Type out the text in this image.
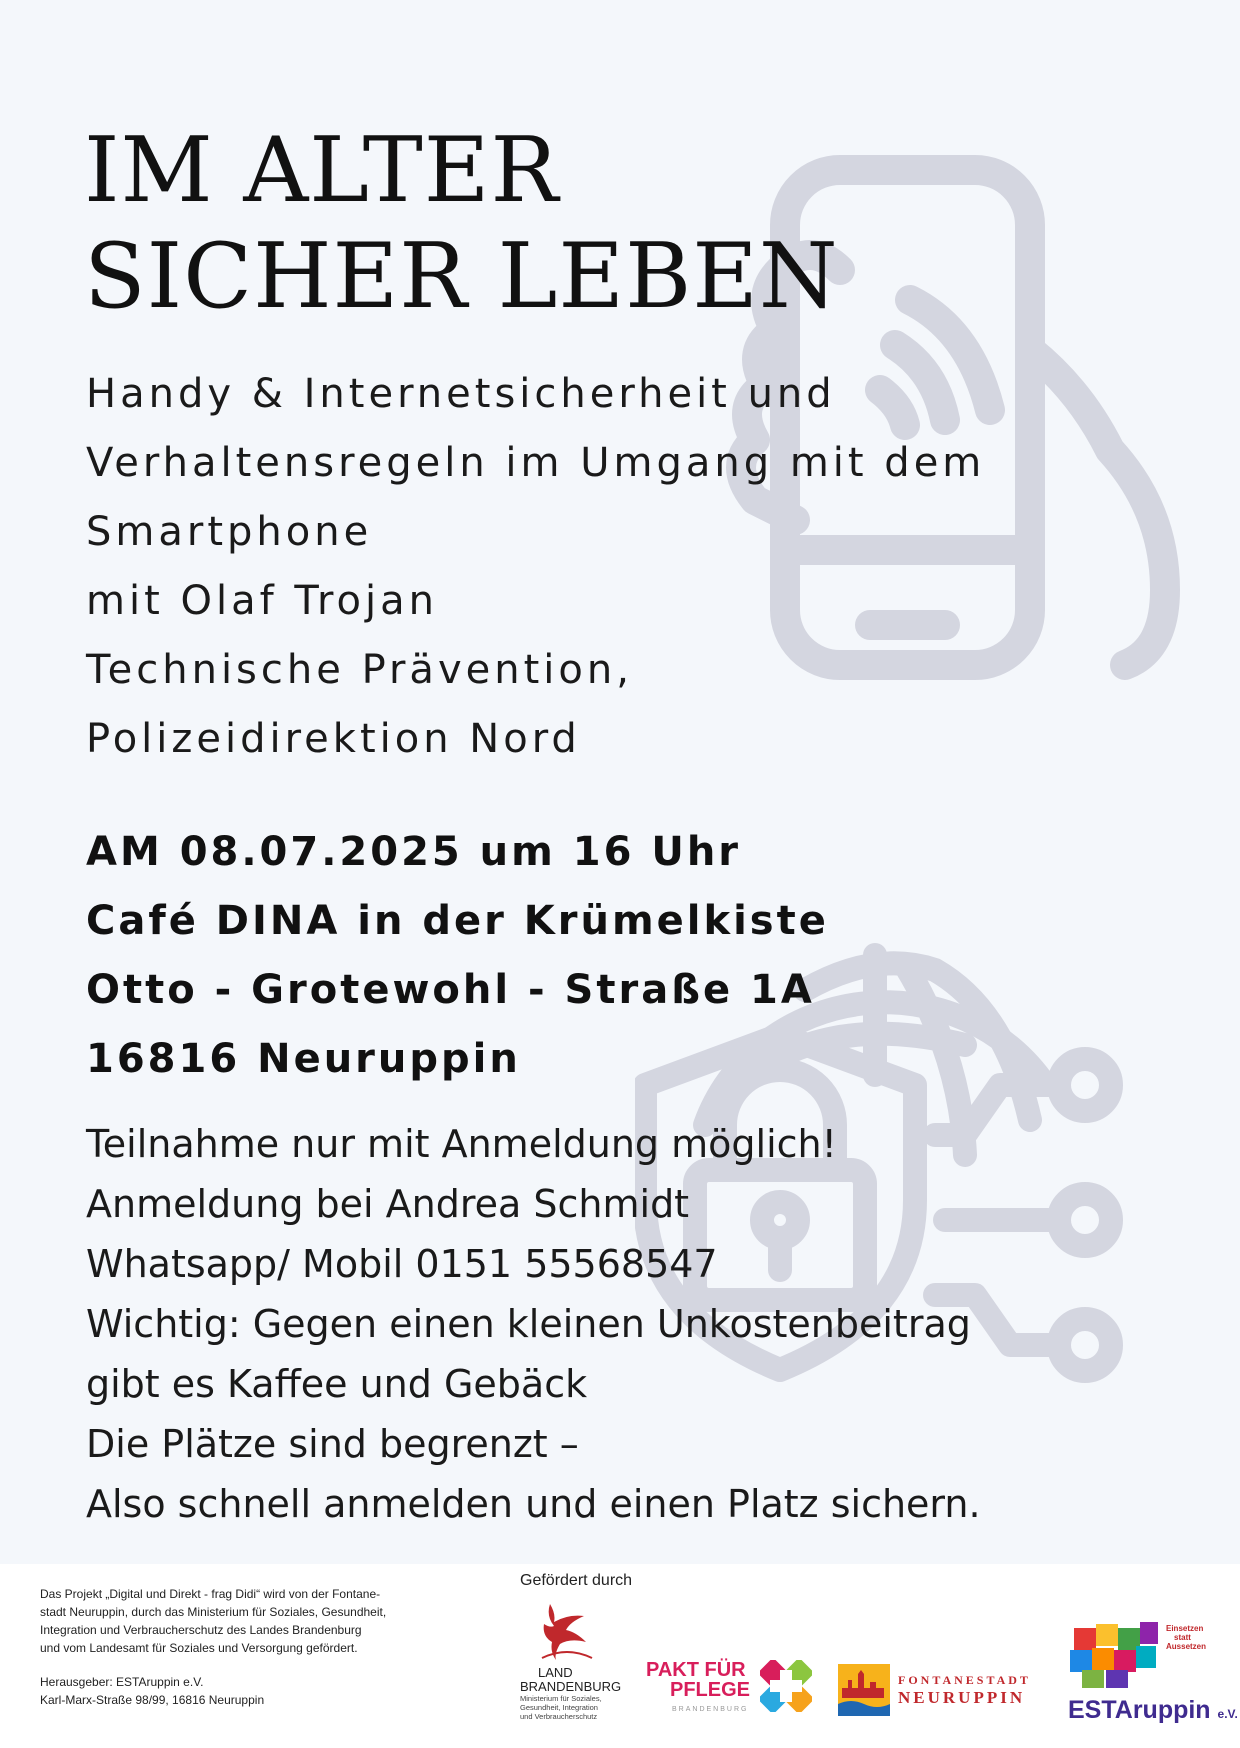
IM ALTER
SICHER LEBEN
Handy & Internetsicherheit und
Verhaltensregeln im Umgang mit dem
Smartphone
mit Olaf Trojan
Technische Prävention,
Polizeidirektion Nord
AM 08.07.2025 um 16 Uhr
Café DINA in der Krümelkiste
Otto - Grotewohl - Straße 1A
16816 Neuruppin
Teilnahme nur mit Anmeldung möglich!
Anmeldung bei Andrea Schmidt
Whatsapp/ Mobil 0151 55568547
Wichtig: Gegen einen kleinen Unkostenbeitrag
gibt es Kaffee und Gebäck
Die Plätze sind begrenzt –
Also schnell anmelden und einen Platz sichern.
Das Projekt „Digital und Direkt - frag Didi“ wird von der Fontane-
stadt Neuruppin, durch das Ministerium für Soziales, Gesundheit,
Integration und Verbraucherschutz des Landes Brandenburg
und vom Landesamt für Soziales und Versorgung gefördert.
Herausgeber: ESTAruppin e.V.
Karl-Marx-Straße 98/99, 16816 Neuruppin
Gefördert durch
LAND
BRANDENBURG
Ministerium für Soziales,
Gesundheit, Integration
und Verbraucherschutz
PAKT FÜR
PFLEGE
BRANDENBURG
FONTANESTADT
NEURUPPIN
Einsetzen
statt
Aussetzen
ESTAruppin e.V.
